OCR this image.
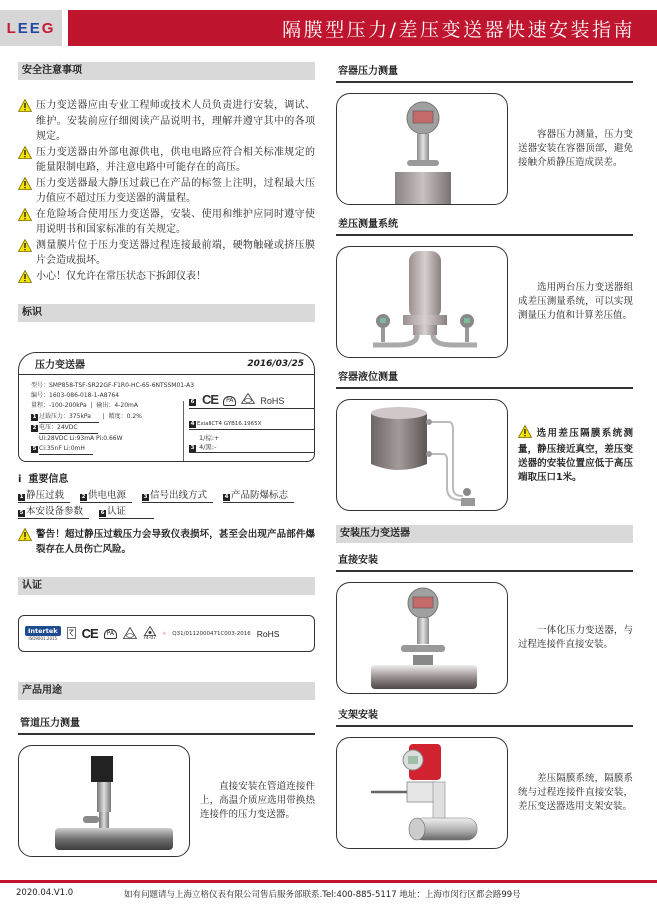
LEEG	隔膜型压力/差压变送器快速安装指南
安全注意事项
压力变送器应由专业工程师或技术人员负责进行安装，调试、维护。安装前应仔细阅读产品说明书，理解并遵守其中的各项规定。
压力变送器由外部电源供电，供电电路应符合相关标准规定的能量限制电路，并注意电路中可能存在的高压。
压力变送器最大静压过载已在产品的标签上注明，过程最大压力值应不超过压力变送器的满量程。
在危险场合使用压力变送器，安装、使用和维护应同时遵守使用说明书和国家标准的有关规定。
测量膜片位于压力变送器过程连接最前端，硬物触碰或挤压膜片会造成损坏。
小心！仅允许在常压状态下拆卸仪表！
标识
压力变送器	2016/03/25
型号：SMP858-TSF-SR22GF-F1R0-HC-65-6NTSSM01-A3
编号：1603-086-018-1-A8764
量程：-100-200kPa  |  输出：4-20mA
1 过载压力：375kPa  |  精度：0.2%
2 电压：24VDC
Ui:28VDC Li:93mA Pi:0.66W
5 Ci:35nF Li:0mH
6 CE	PA	RoHS
4 ExiaⅡCT4 GYB16.1965X
1/棕:+
3 4/黑:-
i 重要信息
1 静压过载	2 供电电源	3 信号出线方式	4 产品防爆标志
5 本安设备参数	6 认证
警告！超过静压过载压力会导致仪表损坏，甚至会出现产品部件爆裂存在人员伤亡风险。
认证
Intertek
ISO9001:2015 CE	PA
74-07
✳ Q31/0112000471C003-2016 RoHS
产品用途
管道压力测量
直接安装在管道连接件上，高温介质应选用带换热连接件的压力变送器。
容器压力测量
容器压力测量，压力变送器安装在容器顶部，避免接触介质静压造成误差。
差压测量系统
选用两台压力变送器组成差压测量系统，可以实现测量压力值和计算差压值。
容器液位测量
选用差压隔膜系统测量，静压接近真空，差压变送器的安装位置应低于高压端取压口1米。
安装压力变送器
直接安装
一体化压力变送器，与过程连接件直接安装。
支架安装
差压隔膜系统，隔膜系统与过程连接件直接安装，差压变送器选用支架安装。
2020.04.V1.0	如有问题请与上海立格仪表有限公司售后服务部联系.Tel:400-885-5117 地址：上海市闵行区都会路99号
